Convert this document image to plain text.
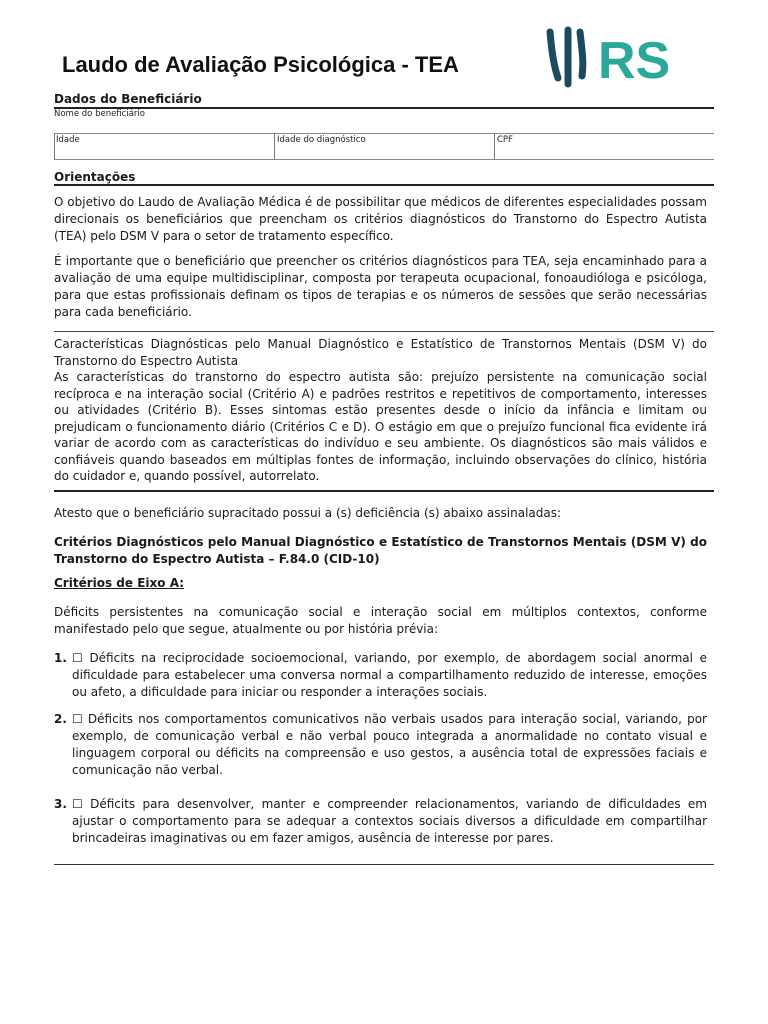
RS
Laudo de Avaliação Psicológica - TEA
Dados do Beneficiário
Nome do beneficiário
Idade	Idade do diagnóstico	CPF
Orientações
O objetivo do Laudo de Avaliação Médica é de possibilitar que médicos de diferentes especialidades possam direcionais os beneficiários que preencham os critérios diagnósticos do Transtorno do Espectro Autista (TEA) pelo DSM V para o setor de tratamento específico.
É importante que o beneficiário que preencher os critérios diagnósticos para TEA, seja encaminhado para a avaliação de uma equipe multidisciplinar, composta por terapeuta ocupacional, fonoaudióloga e psicóloga, para que estas profissionais definam os tipos de terapias e os números de sessões que serão necessárias para cada beneficiário.
Características Diagnósticas pelo Manual Diagnóstico e Estatístico de Transtornos Mentais (DSM V) do Transtorno do Espectro Autista
As características do transtorno do espectro autista são: prejuízo persistente na comunicação social recíproca e na interação social (Critério A) e padrões restritos e repetitivos de comportamento, interesses ou atividades (Critério B). Esses sintomas estão presentes desde o início da infância e limitam ou prejudicam o funcionamento diário (Critérios C e D). O estágio em que o prejuízo funcional fica evidente irá variar de acordo com as características do indivíduo e seu ambiente. Os diagnósticos são mais válidos e confiáveis quando baseados em múltiplas fontes de informação, incluindo observações do clínico, história do cuidador e, quando possível, autorrelato.
Atesto que o beneficiário supracitado possui a (s) deficiência (s) abaixo assinaladas:
Critérios Diagnósticos pelo Manual Diagnóstico e Estatístico de Transtornos Mentais (DSM V) do Transtorno do Espectro Autista – F.84.0 (CID-10)
Critérios de Eixo A:
Déficits persistentes na comunicação social e interação social em múltiplos contextos, conforme manifestado pelo que segue, atualmente ou por história prévia:
1. ☐ Déficits na reciprocidade socioemocional, variando, por exemplo, de abordagem social anormal e dificuldade para estabelecer uma conversa normal a compartilhamento reduzido de interesse, emoções ou afeto, a dificuldade para iniciar ou responder a interações sociais.
2. ☐ Déficits nos comportamentos comunicativos não verbais usados para interação social, variando, por exemplo, de comunicação verbal e não verbal pouco integrada a anormalidade no contato visual e linguagem corporal ou déficits na compreensão e uso gestos, a ausência total de expressões faciais e comunicação não verbal.
3. ☐ Déficits para desenvolver, manter e compreender relacionamentos, variando de dificuldades em ajustar o comportamento para se adequar a contextos sociais diversos a dificuldade em compartilhar brincadeiras imaginativas ou em fazer amigos, ausência de interesse por pares.
